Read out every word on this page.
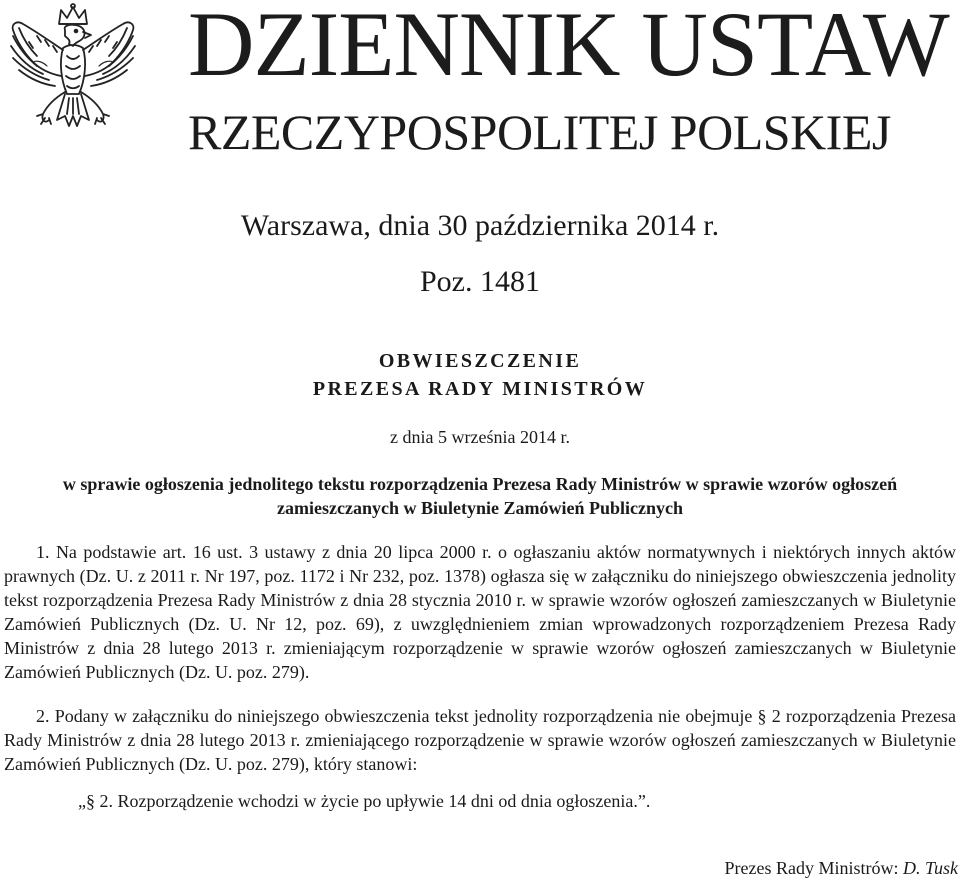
DZIENNIK USTAW
RZECZYPOSPOLITEJ POLSKIEJ
Warszawa, dnia 30 października 2014 r.
Poz. 1481
OBWIESZCZENIE
PREZESA RADY MINISTRÓW
z dnia 5 września 2014 r.
w sprawie ogłoszenia jednolitego tekstu rozporządzenia Prezesa Rady Ministrów w sprawie wzorów ogłoszeń zamieszczanych w Biuletynie Zamówień Publicznych
1. Na podstawie art. 16 ust. 3 ustawy z dnia 20 lipca 2000 r. o ogłaszaniu aktów normatywnych i niektórych innych aktów prawnych (Dz. U. z 2011 r. Nr 197, poz. 1172 i Nr 232, poz. 1378) ogłasza się w załączniku do niniejszego obwieszczenia jednolity tekst rozporządzenia Prezesa Rady Ministrów z dnia 28 stycznia 2010 r. w sprawie wzorów ogłoszeń zamieszczanych w Biuletynie Zamówień Publicznych (Dz. U. Nr 12, poz. 69), z uwzględnieniem zmian wprowadzonych rozporządzeniem Prezesa Rady Ministrów z dnia 28 lutego 2013 r. zmieniającym rozporządzenie w sprawie wzorów ogłoszeń zamieszczanych w Biuletynie Zamówień Publicznych (Dz. U. poz. 279).
2. Podany w załączniku do niniejszego obwieszczenia tekst jednolity rozporządzenia nie obejmuje § 2 rozporządzenia Prezesa Rady Ministrów z dnia 28 lutego 2013 r. zmieniającego rozporządzenie w sprawie wzorów ogłoszeń zamieszczanych w Biuletynie Zamówień Publicznych (Dz. U. poz. 279), który stanowi:
„§ 2. Rozporządzenie wchodzi w życie po upływie 14 dni od dnia ogłoszenia.”.
Prezes Rady Ministrów: D. Tusk
